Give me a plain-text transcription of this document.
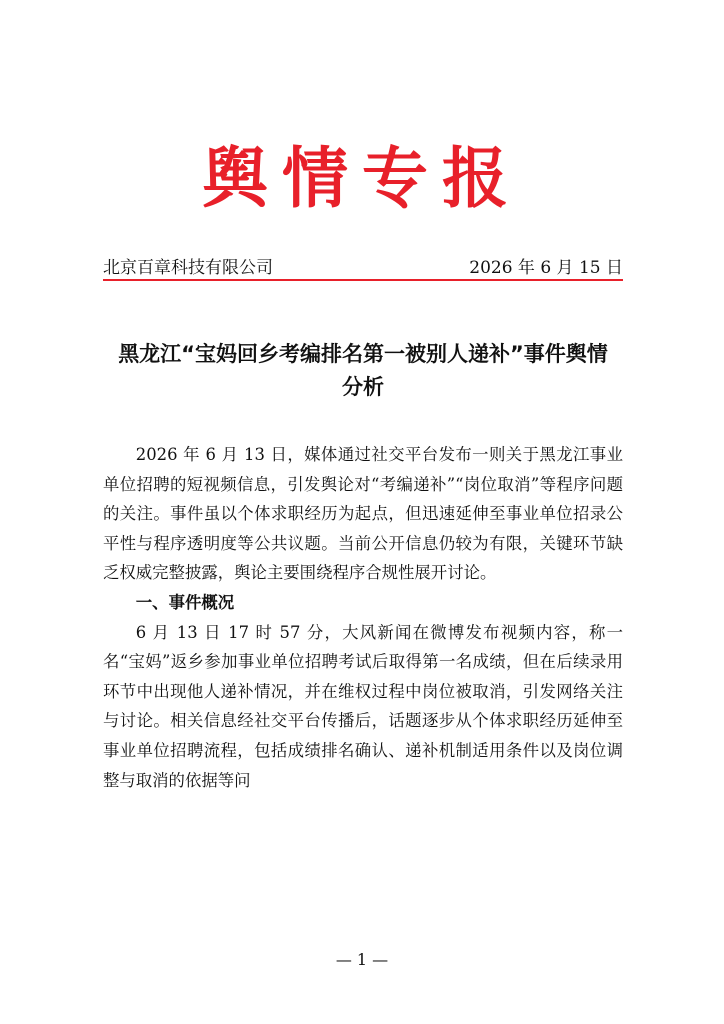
舆情专报
北京百章科技有限公司	2026 年 6 月 15 日
黑龙江“宝妈回乡考编排名第一被别人递补”事件舆情分析

2026 年 6 月 13 日，媒体通过社交平台发布一则关于黑龙江事业单位招聘的短视频信息，引发舆论对“考编递补”“岗位取消”等程序问题的关注。事件虽以个体求职经历为起点，但迅速延伸至事业单位招录公平性与程序透明度等公共议题。当前公开信息仍较为有限，关键环节缺乏权威完整披露，舆论主要围绕程序合规性展开讨论。

一、事件概况

6 月 13 日 17 时 57 分，大风新闻在微博发布视频内容，称一名“宝妈”返乡参加事业单位招聘考试后取得第一名成绩，但在后续录用环节中出现他人递补情况，并在维权过程中岗位被取消，引发网络关注与讨论。相关信息经社交平台传播后，话题逐步从个体求职经历延伸至事业单位招聘流程，包括成绩排名确认、递补机制适用条件以及岗位调整与取消的依据等问

— 1 —
